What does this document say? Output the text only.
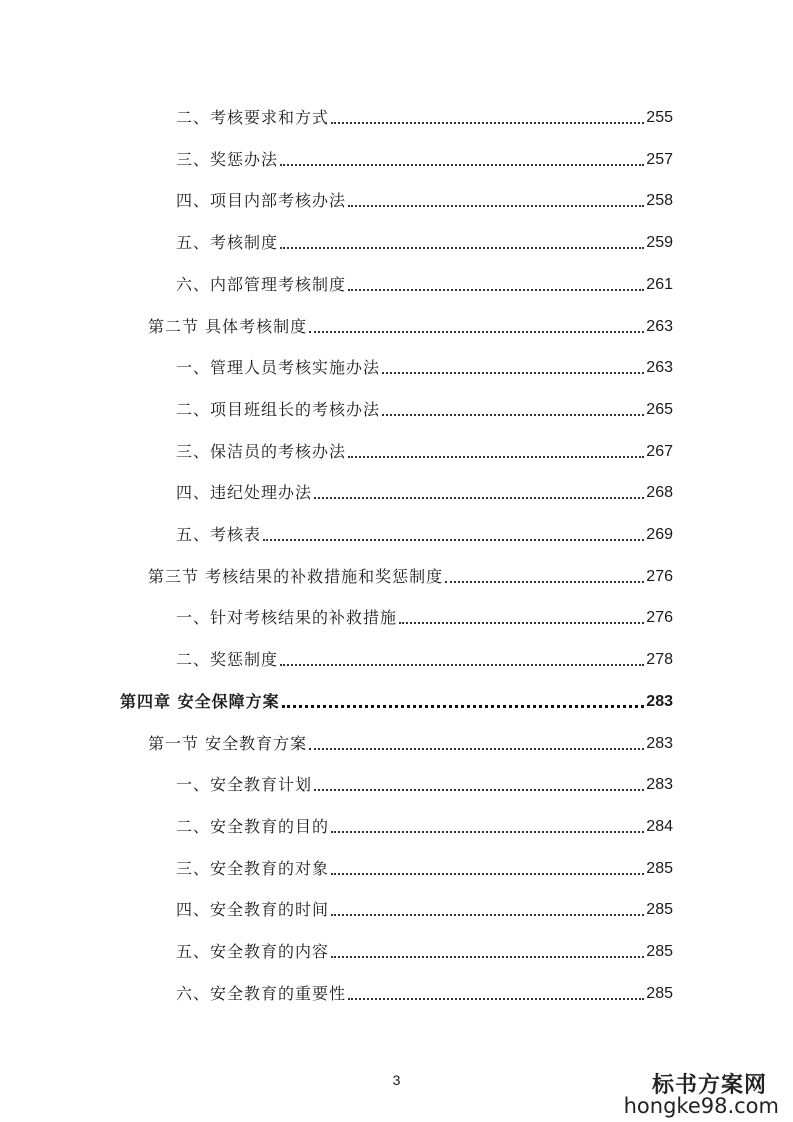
二、考核要求和方式	255
三、奖惩办法	257
四、项目内部考核办法	258
五、考核制度	259
六、内部管理考核制度	261
第二节 具体考核制度	263
一、管理人员考核实施办法	263
二、项目班组长的考核办法	265
三、保洁员的考核办法	267
四、违纪处理办法	268
五、考核表	269
第三节 考核结果的补救措施和奖惩制度	276
一、针对考核结果的补救措施	276
二、奖惩制度	278
第四章 安全保障方案	283
第一节 安全教育方案	283
一、安全教育计划	283
二、安全教育的目的	284
三、安全教育的对象	285
四、安全教育的时间	285
五、安全教育的内容	285
六、安全教育的重要性	285
3	标书方案网
hongke98.com
